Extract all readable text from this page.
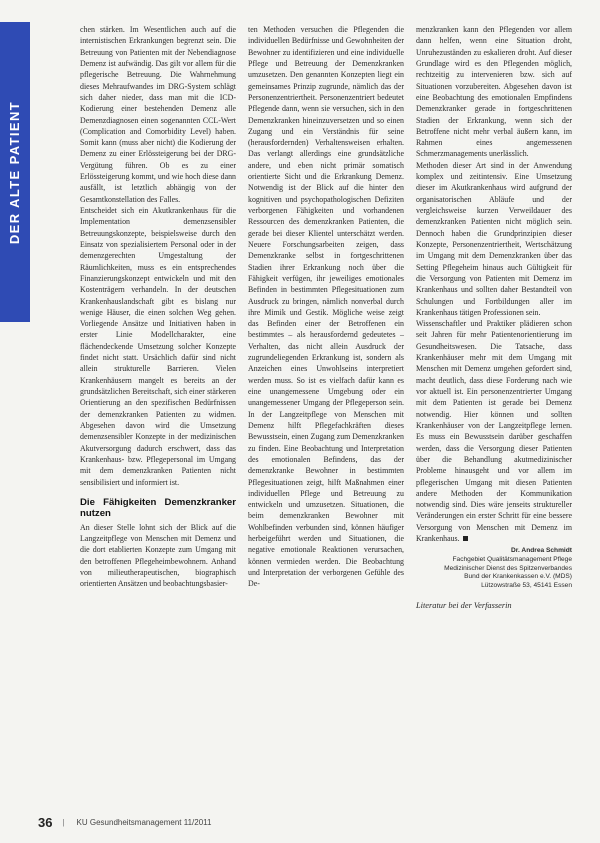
DER ALTE PATIENT

chen stärken. Im Wesentlichen auch auf die internistischen Erkrankungen begrenzt sein. Die Betreuung von Patienten mit der Nebendiagnose Demenz ist aufwändig. Das gilt vor allem für die pflegerische Betreuung. Die Wahrnehmung dieses Mehraufwandes im DRG-System schlägt sich daher nieder, dass man mit die ICD-Kodierung einer bestehenden Demenz alle Demenzdiagnosen einen sogenannten CCL-Wert (Complication and Comorbidity Level) haben. Somit kann (muss aber nicht) die Kodierung der Demenz zu einer Erlössteigerung bei der DRG-Vergütung führen. Ob es zu einer Erlössteigerung kommt, und wie hoch diese dann ausfällt, ist letztlich abhängig von der Gesamtkonstellation des Falles.

Entscheidet sich ein Akutkrankenhaus für die Implementation demenzsensibler Betreuungskonzepte, beispielsweise durch den Einsatz von spezialisiertem Personal oder in der demenzgerechten Umgestaltung der Räumlichkeiten, muss es ein entsprechendes Finanzierungskonzept entwickeln und mit den Kostenträgern verhandeln. In der deutschen Krankenhauslandschaft gibt es bislang nur wenige Häuser, die einen solchen Weg gehen. Vorliegende Ansätze und Initiativen haben in erster Linie Modellcharakter, eine flächendeckende Umsetzung solcher Konzepte findet nicht statt. Ursächlich dafür sind nicht allein strukturelle Barrieren. Vielen Krankenhäusern mangelt es bereits an der grundsätzlichen Bereitschaft, sich einer stärkeren Orientierung an den spezifischen Bedürfnissen der demenzkranken Patienten zu widmen. Abgesehen davon wird die Umsetzung demenzsensibler Konzepte in der medizinischen Akutversorgung dadurch erschwert, dass das Krankenhaus- bzw. Pflegepersonal im Umgang mit dem demenzkranken Patienten nicht sensibilisiert und informiert ist.

Die Fähigkeiten Demenzkranker nutzen

An dieser Stelle lohnt sich der Blick auf die Langzeitpflege von Menschen mit Demenz und die dort etablierten Konzepte zum Umgang mit den betroffenen Pflegeheimbewohnern. Anhand von milieutherapeutischen, biographisch orientierten Ansätzen und beobachtungsbasier-

ten Methoden versuchen die Pflegenden die individuellen Bedürfnisse und Gewohnheiten der Bewohner zu identifizieren und eine individuelle Pflege und Betreuung der Demenzkranken umzusetzen. Den genannten Konzepten liegt ein gemeinsames Prinzip zugrunde, nämlich das der Personenzentriertheit. Personenzentriert bedeutet Pflegende dann, wenn sie versuchen, sich in den Demenzkranken hineinzuversetzen und so einen Zugang und ein Verständnis für seine (herausfordernden) Verhaltensweisen erhalten. Das verlangt allerdings eine grundsätzliche andere, und eben nicht primär somatisch orientierte Sicht und die Erkrankung Demenz. Notwendig ist der Blick auf die hinter den kognitiven und psychopathologischen Defiziten verborgenen Fähigkeiten und vorhandenen Ressourcen des demenzkranken Patienten, die gerade bei dieser Klientel unterschätzt werden. Neuere Forschungsarbeiten zeigen, dass Demenzkranke selbst in fortgeschrittenen Stadien ihrer Erkrankung noch über die Fähigkeit verfügen, ihr jeweiliges emotionales Befinden in bestimmten Pflegesituationen zum Ausdruck zu bringen, nämlich nonverbal durch ihre Mimik und Gestik. Mögliche weise zeigt das Befinden einer der Betroffenen ein bestimmtes – als herausfordernd gedeutetes – Verhalten, das nicht allein Ausdruck der zugrundeliegenden Erkrankung ist, sondern als Anzeichen eines Unwohlseins interpretiert werden muss. So ist es vielfach dafür kann es eine unangemessene Umgebung oder ein unangemessener Umgang der Pflegeperson sein. In der Langzeitpflege von Menschen mit Demenz hilft Pflegefachkräften dieses Bewusstsein, einen Zugang zum Demenzkranken zu finden. Eine Beobachtung und Interpretation des emotionalen Befindens, das der demenzkranke Bewohner in bestimmten Pflegesituationen zeigt, hilft Maßnahmen einer individuellen Pflege und Betreuung zu entwickeln und umzusetzen. Situationen, die beim demenzkranken Bewohner mit Wohlbefinden verbunden sind, können häufiger herbeigeführt werden und Situationen, die negative emotionale Reaktionen verursachen, können vermieden werden. Die Beobachtung und Interpretation der verborgenen Gefühle des De-

menzkranken kann den Pflegenden vor allem dann helfen, wenn eine Situation droht, Unruhezuständen zu eskalieren droht. Auf dieser Grundlage wird es den Pflegenden möglich, rechtzeitig zu intervenieren bzw. sich auf Situationen vorzubereiten. Abgesehen davon ist eine Beobachtung des emotionalen Empfindens Demenzkranker gerade in fortgeschrittenen Stadien der Erkrankung, wenn sich der Betroffene nicht mehr verbal äußern kann, im Rahmen eines angemessenen Schmerzmanagements unerlässlich.

Methoden dieser Art sind in der Anwendung komplex und zeitintensiv. Eine Umsetzung dieser im Akutkrankenhaus wird aufgrund der organisatorischen Abläufe und der vergleichsweise kurzen Verweildauer des demenzkranken Patienten nicht möglich sein. Dennoch haben die Grundprinzipien dieser Konzepte, Personenzentriertheit, Wertschätzung im Umgang mit dem Demenzkranken über das Setting Pflegeheim hinaus auch Gültigkeit für die Versorgung von Patienten mit Demenz im Krankenhaus und sollten daher Bestandteil von Schulungen und Fortbildungen aller im Krankenhaus tätigen Professionen sein.

Wissenschaftler und Praktiker plädieren schon seit Jahren für mehr Patientenorientierung im Gesundheitswesen. Die Tatsache, dass Krankenhäuser mehr mit dem Umgang mit Menschen mit Demenz umgehen gefordert sind, macht deutlich, dass diese Forderung nach wie vor aktuell ist. Ein personenzentrierter Umgang mit dem Patienten ist gerade bei Demenz notwendig. Hier können und sollten Krankenhäuser von der Langzeitpflege lernen. Es muss ein Bewusstsein darüber geschaffen werden, dass die Versorgung dieser Patienten über die Behandlung akutmedizinischer Probleme hinausgeht und vor allem im pflegerischen Umgang mit diesen Patienten andere Methoden der Kommunikation notwendig sind. Dies wäre jenseits struktureller Veränderungen ein erster Schritt für eine bessere Versorgung von Menschen mit Demenz im Krankenhaus.

Dr. Andrea Schmidt
Fachgebiet Qualitätsmanagement Pflege
Medizinischer Dienst des Spitzenverbandes
Bund der Krankenkassen e.V. (MDS)
Lützowstraße 53, 45141 Essen
Literatur bei der Verfasserin
36 | KU Gesundheitsmanagement 11/2011
